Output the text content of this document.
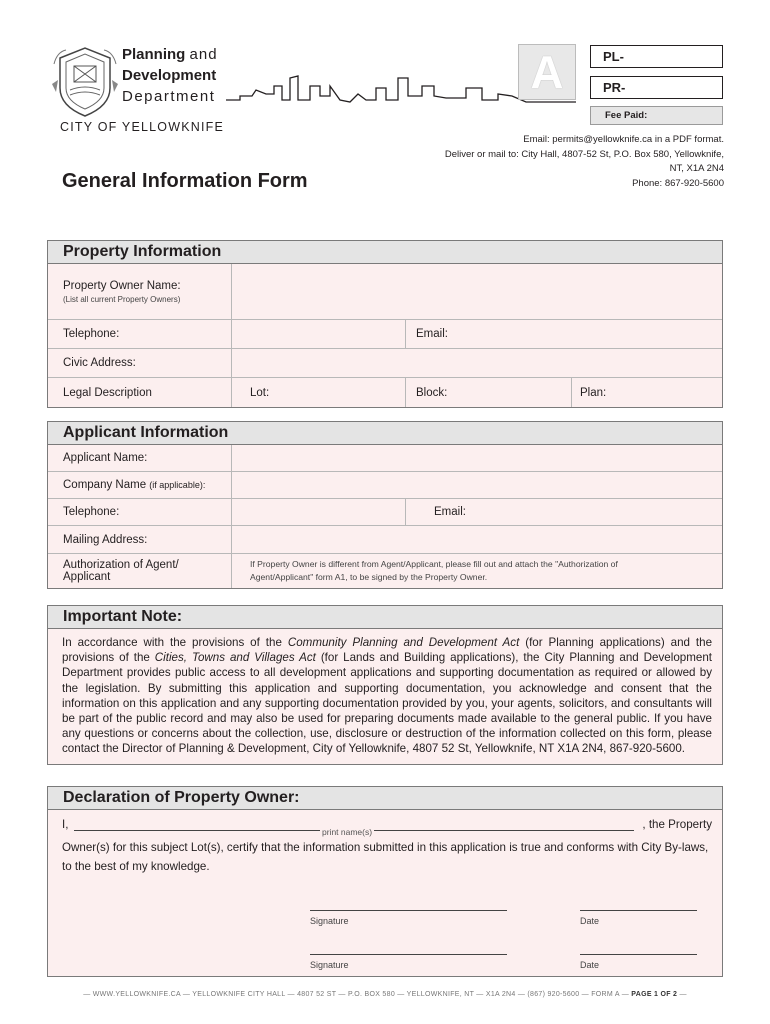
Planning and
Development
Department
CITY OF YELLOWKNIFE
A	PL-
PR-
Fee Paid:
Email: permits@yellowknife.ca in a PDF format.
Deliver or mail to: City Hall, 4807-52 St, P.O. Box 580, Yellowknife,
NT, X1A 2N4
Phone: 867-920-5600
General Information Form
Property Information
Property Owner Name:
(List all current Property Owners)
Telephone:	Email:
Civic Address:
Legal Description	Lot:	Block:	Plan:
Applicant Information
Applicant Name:
Company Name
(if applicable):
Telephone:	Email:
Mailing Address:
Authorization of Agent/
Applicant
If Property Owner is different from Agent/Applicant, please fill out and attach the "Authorization of
Agent/Applicant" form A1, to be signed by the Property Owner.
Important Note:
In accordance with the provisions of the Community Planning and Development Act (for Planning applications) and the provisions of the Cities, Towns and Villages Act (for Lands and Building applications), the City Planning and Development Department provides public access to all development applications and supporting documentation as required or allowed by the legislation. By submitting this application and supporting documentation, you acknowledge and consent that the information on this application and any supporting documentation provided by you, your agents, solicitors, and consultants will be part of the public record and may also be used for preparing documents made available to the general public. If you have any questions or concerns about the collection, use, disclosure or destruction of the information collected on this form, please contact the Director of Planning & Development, City of Yellowknife, 4807 52 St, Yellowknife, NT X1A 2N4, 867-920-5600.
Declaration of Property Owner:
I,
print name(s)
, the Property
Owner(s) for this subject Lot(s), certify that the information submitted in this application is true and conforms with City By-laws, to the best of my knowledge.
Signature	Date
Signature	Date
— WWW.YELLOWKNIFE.CA — YELLOWKNIFE CITY HALL — 4807 52 ST — P.O. BOX 580 — YELLOWKNIFE, NT — X1A 2N4 — (867) 920-5600 — FORM A — PAGE 1 OF 2 —
